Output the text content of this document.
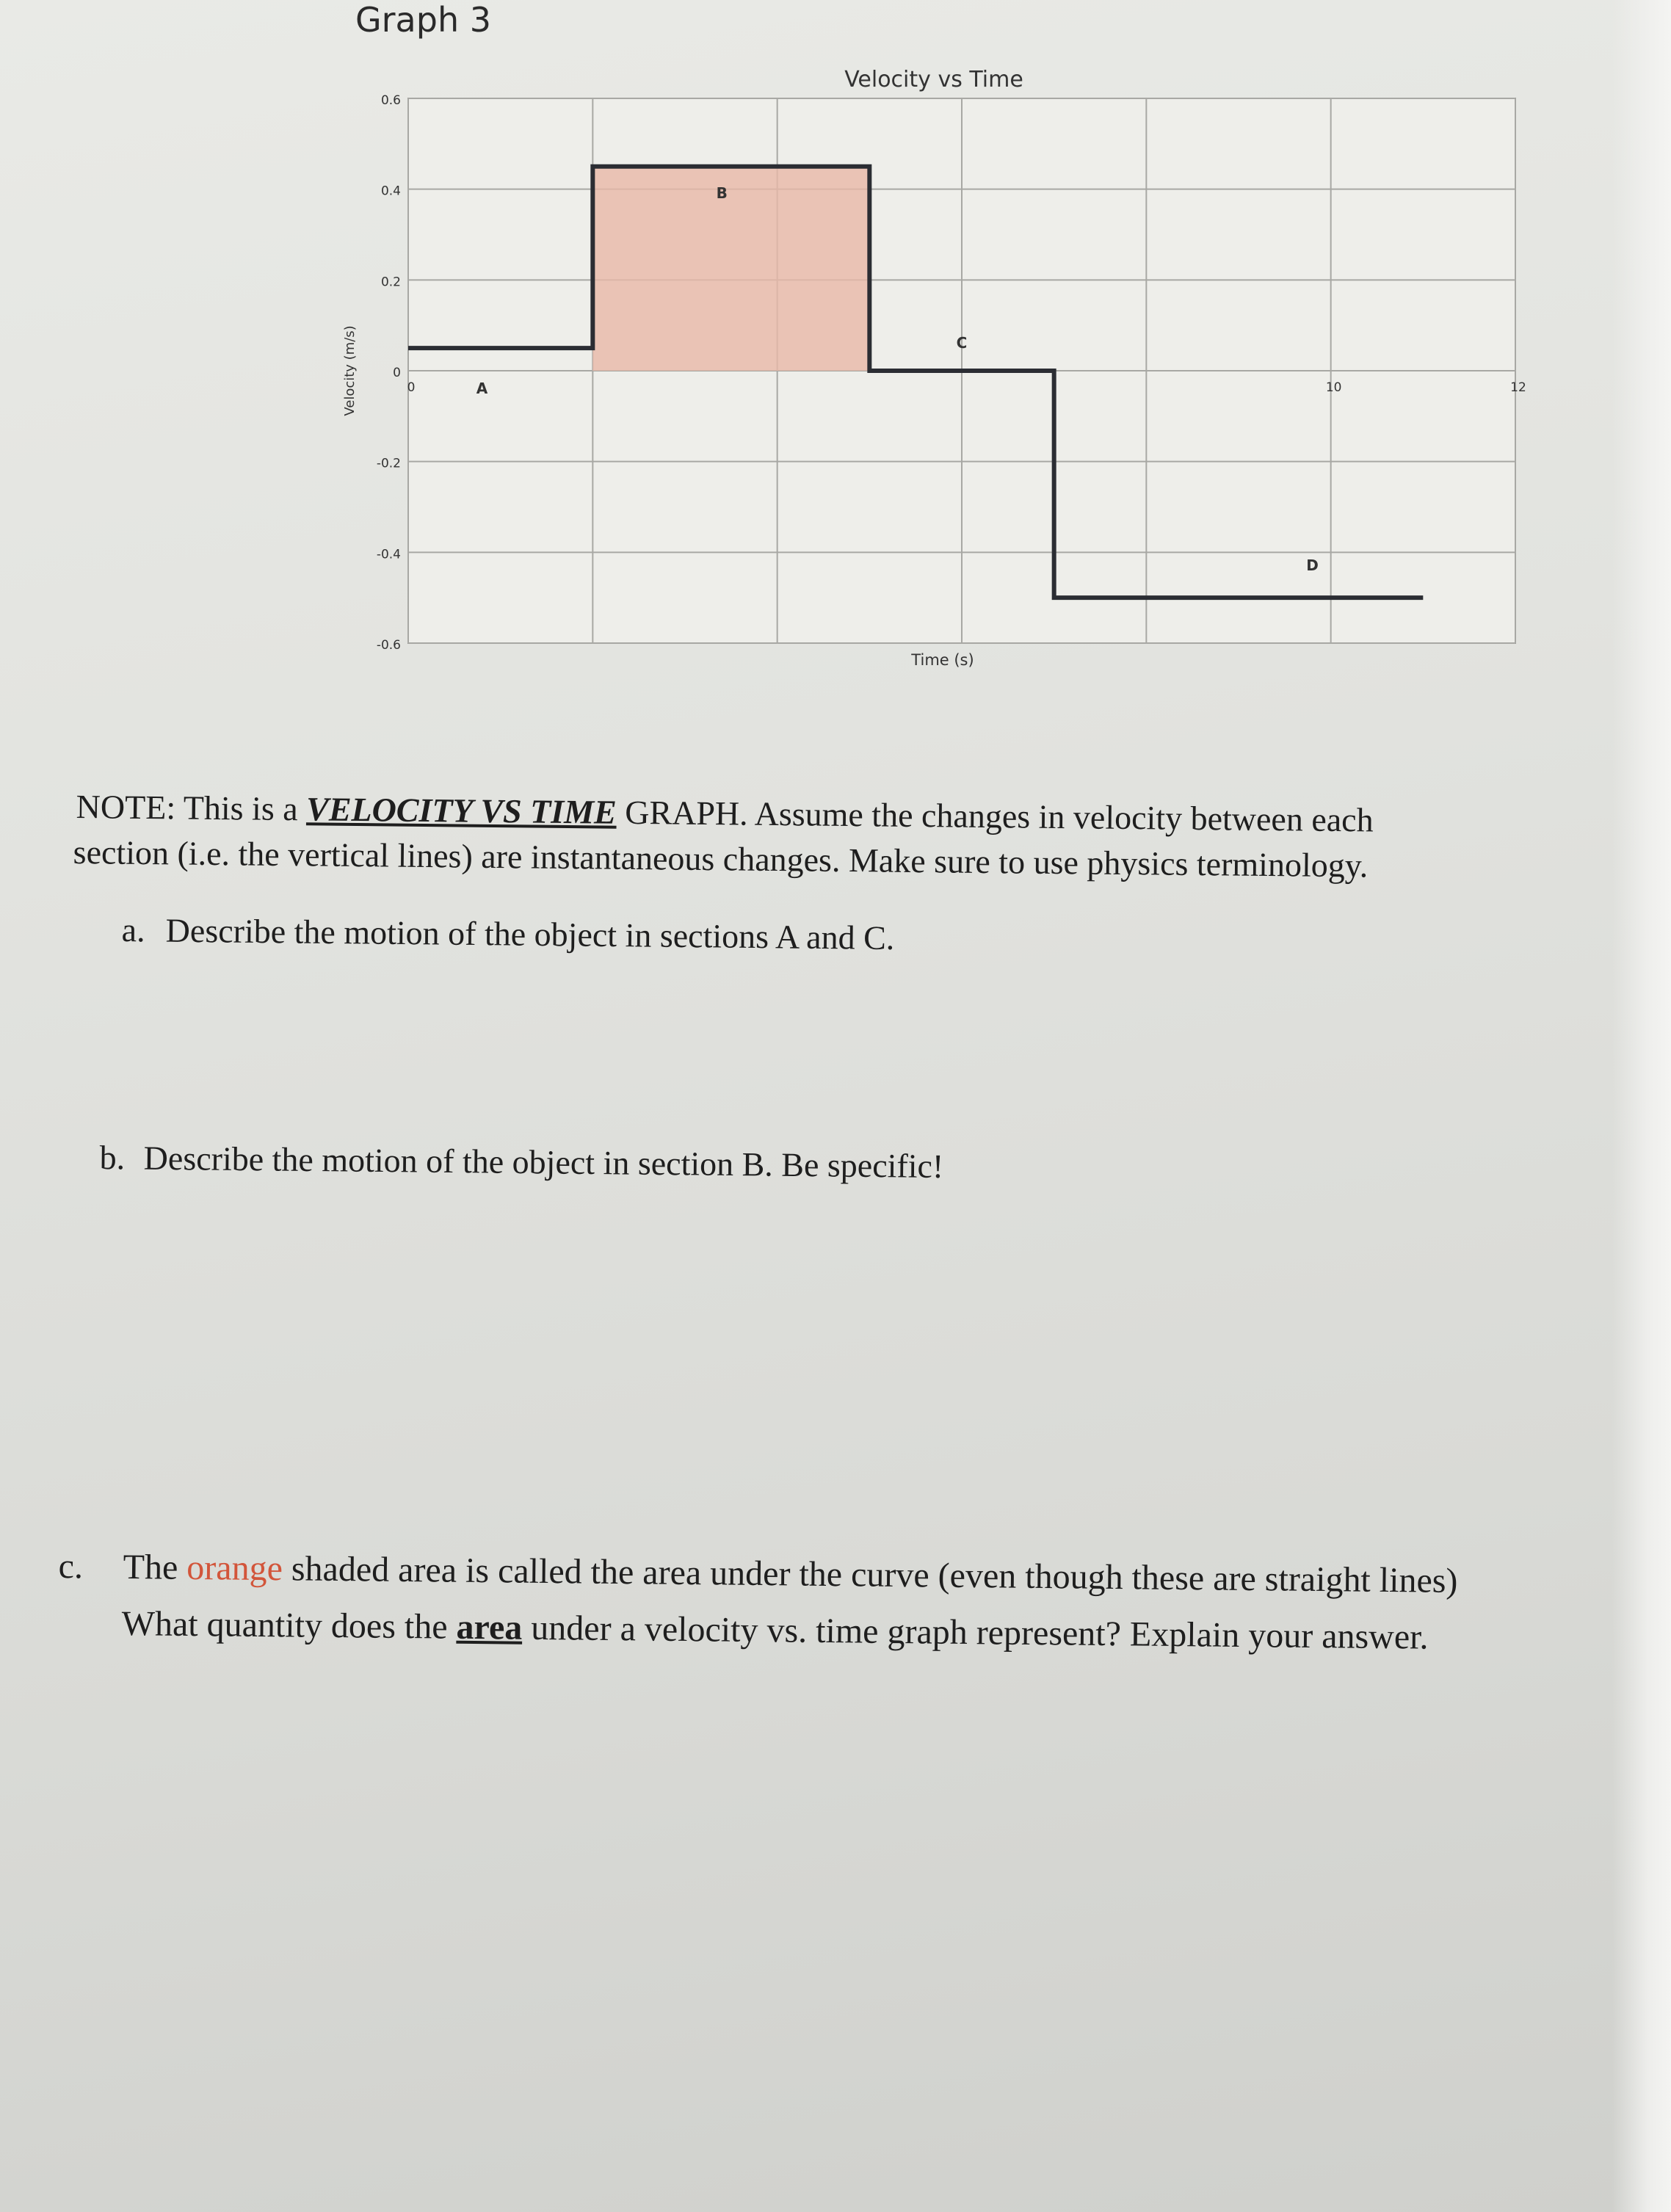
Graph 3
0.6
0.4
0.2
0
-0.2
-0.4
-0.6
0	10	12
A
B
C
D
Velocity vs Time
Time (s)
Velocity (m/s)
NOTE: This is a VELOCITY VS TIME GRAPH. Assume the changes in velocity between each
section (i.e. the vertical lines) are instantaneous changes. Make sure to use physics terminology.
a. Describe the motion of the object in sections A and C.
b. Describe the motion of the object in section B. Be specific!
c. The orange shaded area is called the area under the curve (even though these are straight lines)
What quantity does the area under a velocity vs. time graph represent? Explain your answer.
